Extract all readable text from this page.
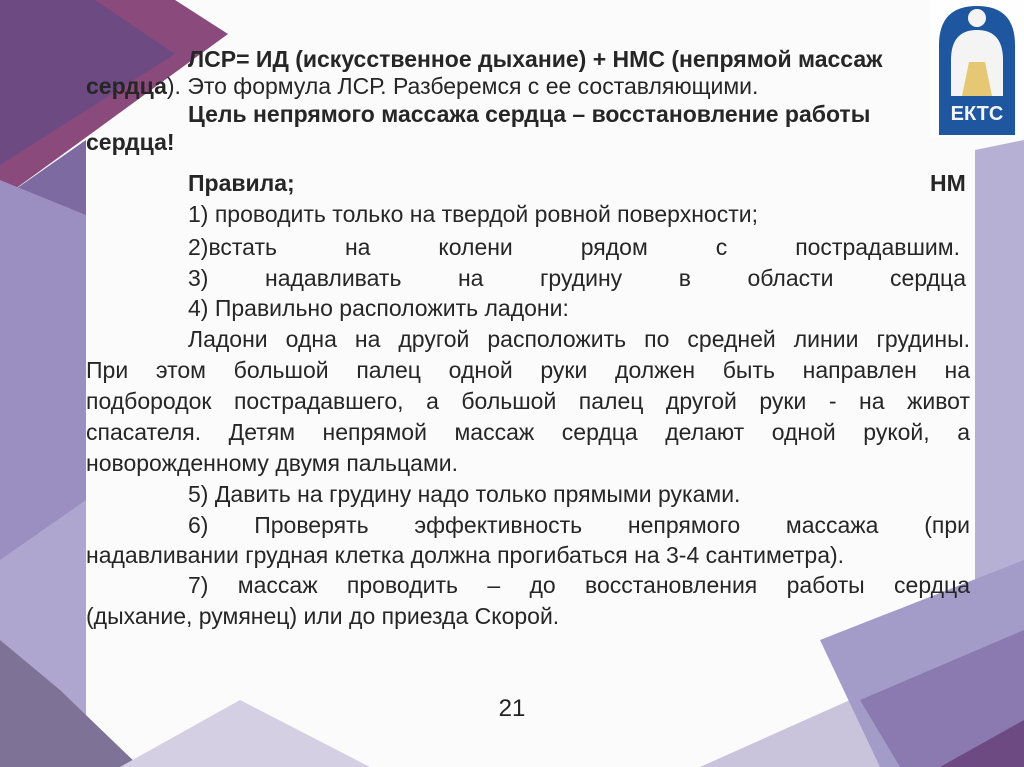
ЕКТС
ЛСР= ИД (искусственное дыхание) + НМС (непрямой массаж
сердца). Это формула ЛСР. Разберемся с ее составляющими.
Цель непрямого массажа сердца – восстановление работы
сердца!
Правила;	НМ
1) проводить только на твердой ровной поверхности;
2)встать на колени рядом с пострадавшим.
3) надавливать на грудину в области сердца
4) Правильно расположить ладони:
Ладони одна на другой расположить по средней линии грудины.
При этом большой палец одной руки должен быть направлен на
подбородок пострадавшего, а большой палец другой руки - на живот
спасателя. Детям непрямой массаж сердца делают одной рукой, а
новорожденному двумя пальцами.
5) Давить на грудину надо только прямыми руками.
6) Проверять эффективность непрямого массажа (при
надавливании грудная клетка должна прогибаться на 3-4 сантиметра).
7) массаж проводить – до восстановления работы сердца
(дыхание, румянец) или до приезда Скорой.
21
